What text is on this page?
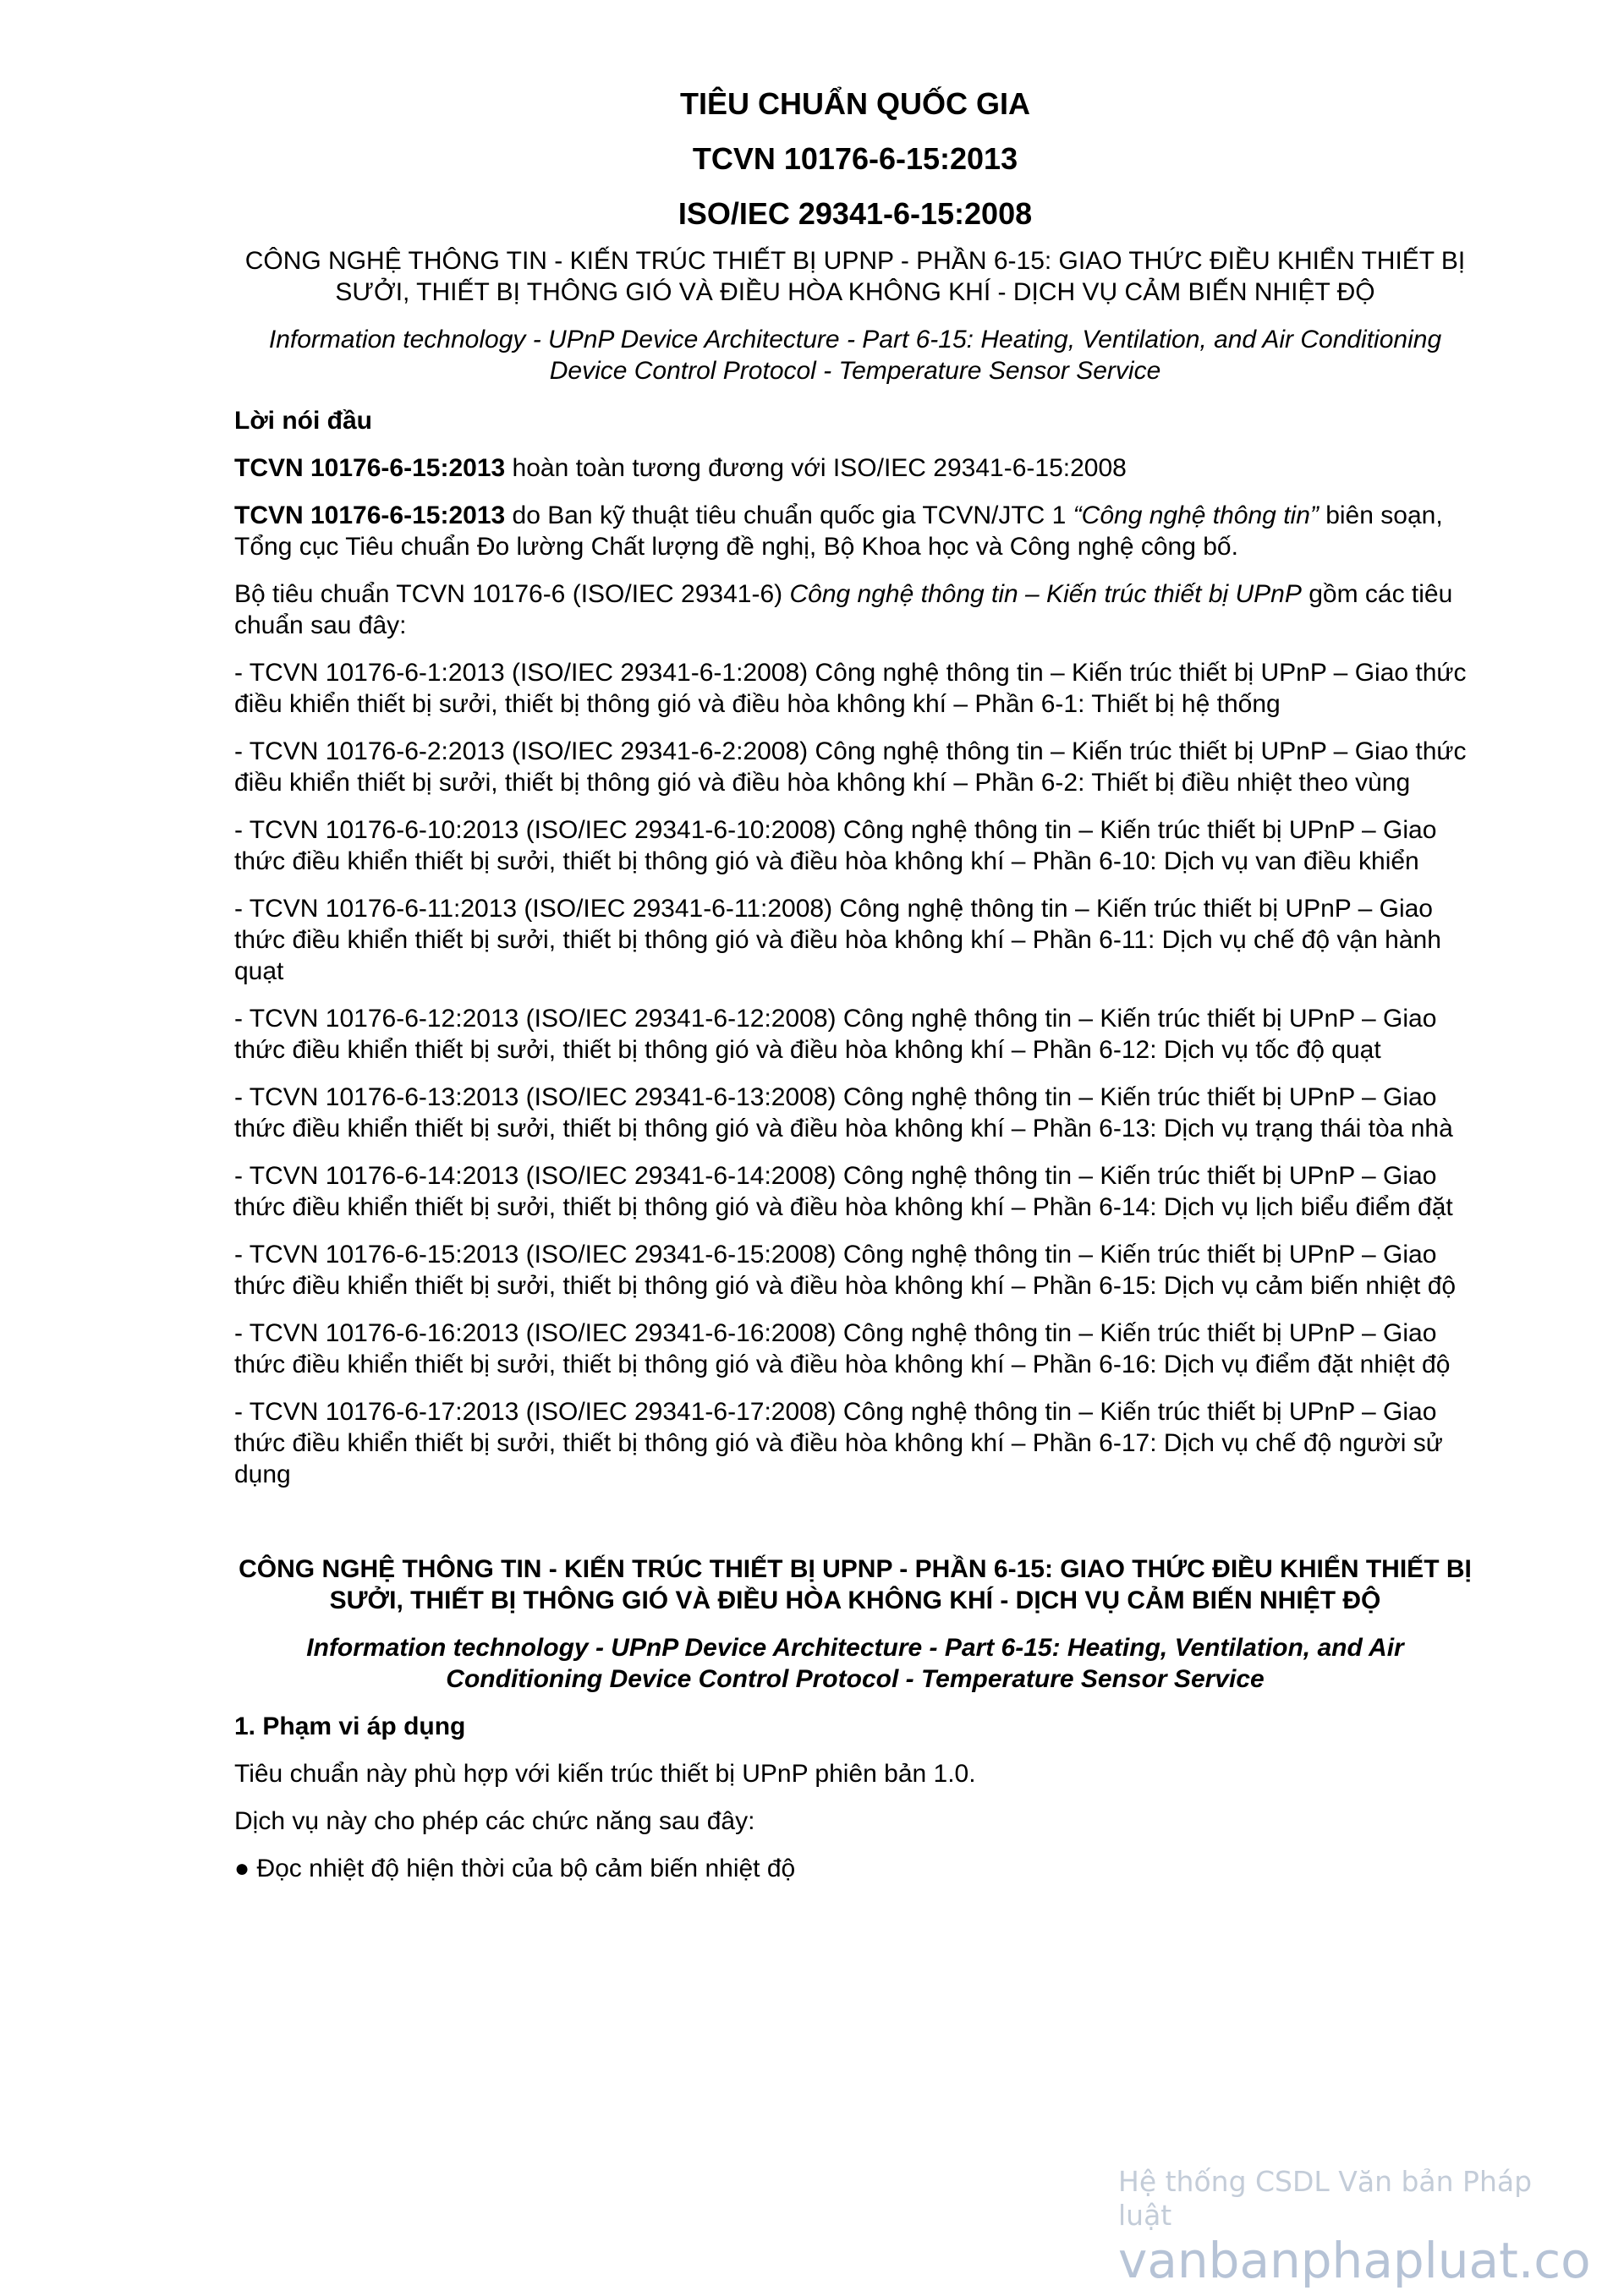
TIÊU CHUẨN QUỐC GIA
TCVN 10176-6-15:2013
ISO/IEC 29341-6-15:2008
CÔNG NGHỆ THÔNG TIN - KIẾN TRÚC THIẾT BỊ UPNP - PHẦN 6-15: GIAO THỨC ĐIỀU KHIỂN THIẾT BỊ SƯỞI, THIẾT BỊ THÔNG GIÓ VÀ ĐIỀU HÒA KHÔNG KHÍ - DỊCH VỤ CẢM BIẾN NHIỆT ĐỘ
Information technology - UPnP Device Architecture - Part 6-15: Heating, Ventilation, and Air Conditioning Device Control Protocol - Temperature Sensor Service
Lời nói đầu
TCVN 10176-6-15:2013 hoàn toàn tương đương với ISO/IEC 29341-6-15:2008
TCVN 10176-6-15:2013 do Ban kỹ thuật tiêu chuẩn quốc gia TCVN/JTC 1 “Công nghệ thông tin” biên soạn, Tổng cục Tiêu chuẩn Đo lường Chất lượng đề nghị, Bộ Khoa học và Công nghệ công bố.
Bộ tiêu chuẩn TCVN 10176-6 (ISO/IEC 29341-6) Công nghệ thông tin – Kiến trúc thiết bị UPnP gồm các tiêu chuẩn sau đây:
- TCVN 10176-6-1:2013 (ISO/IEC 29341-6-1:2008) Công nghệ thông tin – Kiến trúc thiết bị UPnP – Giao thức điều khiển thiết bị sưởi, thiết bị thông gió và điều hòa không khí – Phần 6-1: Thiết bị hệ thống
- TCVN 10176-6-2:2013 (ISO/IEC 29341-6-2:2008) Công nghệ thông tin – Kiến trúc thiết bị UPnP – Giao thức điều khiển thiết bị sưởi, thiết bị thông gió và điều hòa không khí – Phần 6-2: Thiết bị điều nhiệt theo vùng
- TCVN 10176-6-10:2013 (ISO/IEC 29341-6-10:2008) Công nghệ thông tin – Kiến trúc thiết bị UPnP – Giao thức điều khiển thiết bị sưởi, thiết bị thông gió và điều hòa không khí – Phần 6-10: Dịch vụ van điều khiển
- TCVN 10176-6-11:2013 (ISO/IEC 29341-6-11:2008) Công nghệ thông tin – Kiến trúc thiết bị UPnP – Giao thức điều khiển thiết bị sưởi, thiết bị thông gió và điều hòa không khí – Phần 6-11: Dịch vụ chế độ vận hành quạt
- TCVN 10176-6-12:2013 (ISO/IEC 29341-6-12:2008) Công nghệ thông tin – Kiến trúc thiết bị UPnP – Giao thức điều khiển thiết bị sưởi, thiết bị thông gió và điều hòa không khí – Phần 6-12: Dịch vụ tốc độ quạt
- TCVN 10176-6-13:2013 (ISO/IEC 29341-6-13:2008) Công nghệ thông tin – Kiến trúc thiết bị UPnP – Giao thức điều khiển thiết bị sưởi, thiết bị thông gió và điều hòa không khí – Phần 6-13: Dịch vụ trạng thái tòa nhà
- TCVN 10176-6-14:2013 (ISO/IEC 29341-6-14:2008) Công nghệ thông tin – Kiến trúc thiết bị UPnP – Giao thức điều khiển thiết bị sưởi, thiết bị thông gió và điều hòa không khí – Phần 6-14: Dịch vụ lịch biểu điểm đặt
- TCVN 10176-6-15:2013 (ISO/IEC 29341-6-15:2008) Công nghệ thông tin – Kiến trúc thiết bị UPnP – Giao thức điều khiển thiết bị sưởi, thiết bị thông gió và điều hòa không khí – Phần 6-15: Dịch vụ cảm biến nhiệt độ
- TCVN 10176-6-16:2013 (ISO/IEC 29341-6-16:2008) Công nghệ thông tin – Kiến trúc thiết bị UPnP – Giao thức điều khiển thiết bị sưởi, thiết bị thông gió và điều hòa không khí – Phần 6-16: Dịch vụ điểm đặt nhiệt độ
- TCVN 10176-6-17:2013 (ISO/IEC 29341-6-17:2008) Công nghệ thông tin – Kiến trúc thiết bị UPnP – Giao thức điều khiển thiết bị sưởi, thiết bị thông gió và điều hòa không khí – Phần 6-17: Dịch vụ chế độ người sử dụng
CÔNG NGHỆ THÔNG TIN - KIẾN TRÚC THIẾT BỊ UPNP - PHẦN 6-15: GIAO THỨC ĐIỀU KHIỂN THIẾT BỊ SƯỞI, THIẾT BỊ THÔNG GIÓ VÀ ĐIỀU HÒA KHÔNG KHÍ - DỊCH VỤ CẢM BIẾN NHIỆT ĐỘ
Information technology - UPnP Device Architecture - Part 6-15: Heating, Ventilation, and Air Conditioning Device Control Protocol - Temperature Sensor Service
1. Phạm vi áp dụng
Tiêu chuẩn này phù hợp với kiến trúc thiết bị UPnP phiên bản 1.0.
Dịch vụ này cho phép các chức năng sau đây:
● Đọc nhiệt độ hiện thời của bộ cảm biến nhiệt độ
Hệ thống CSDL Văn bản Pháp luật
vanbanphapluat.co
